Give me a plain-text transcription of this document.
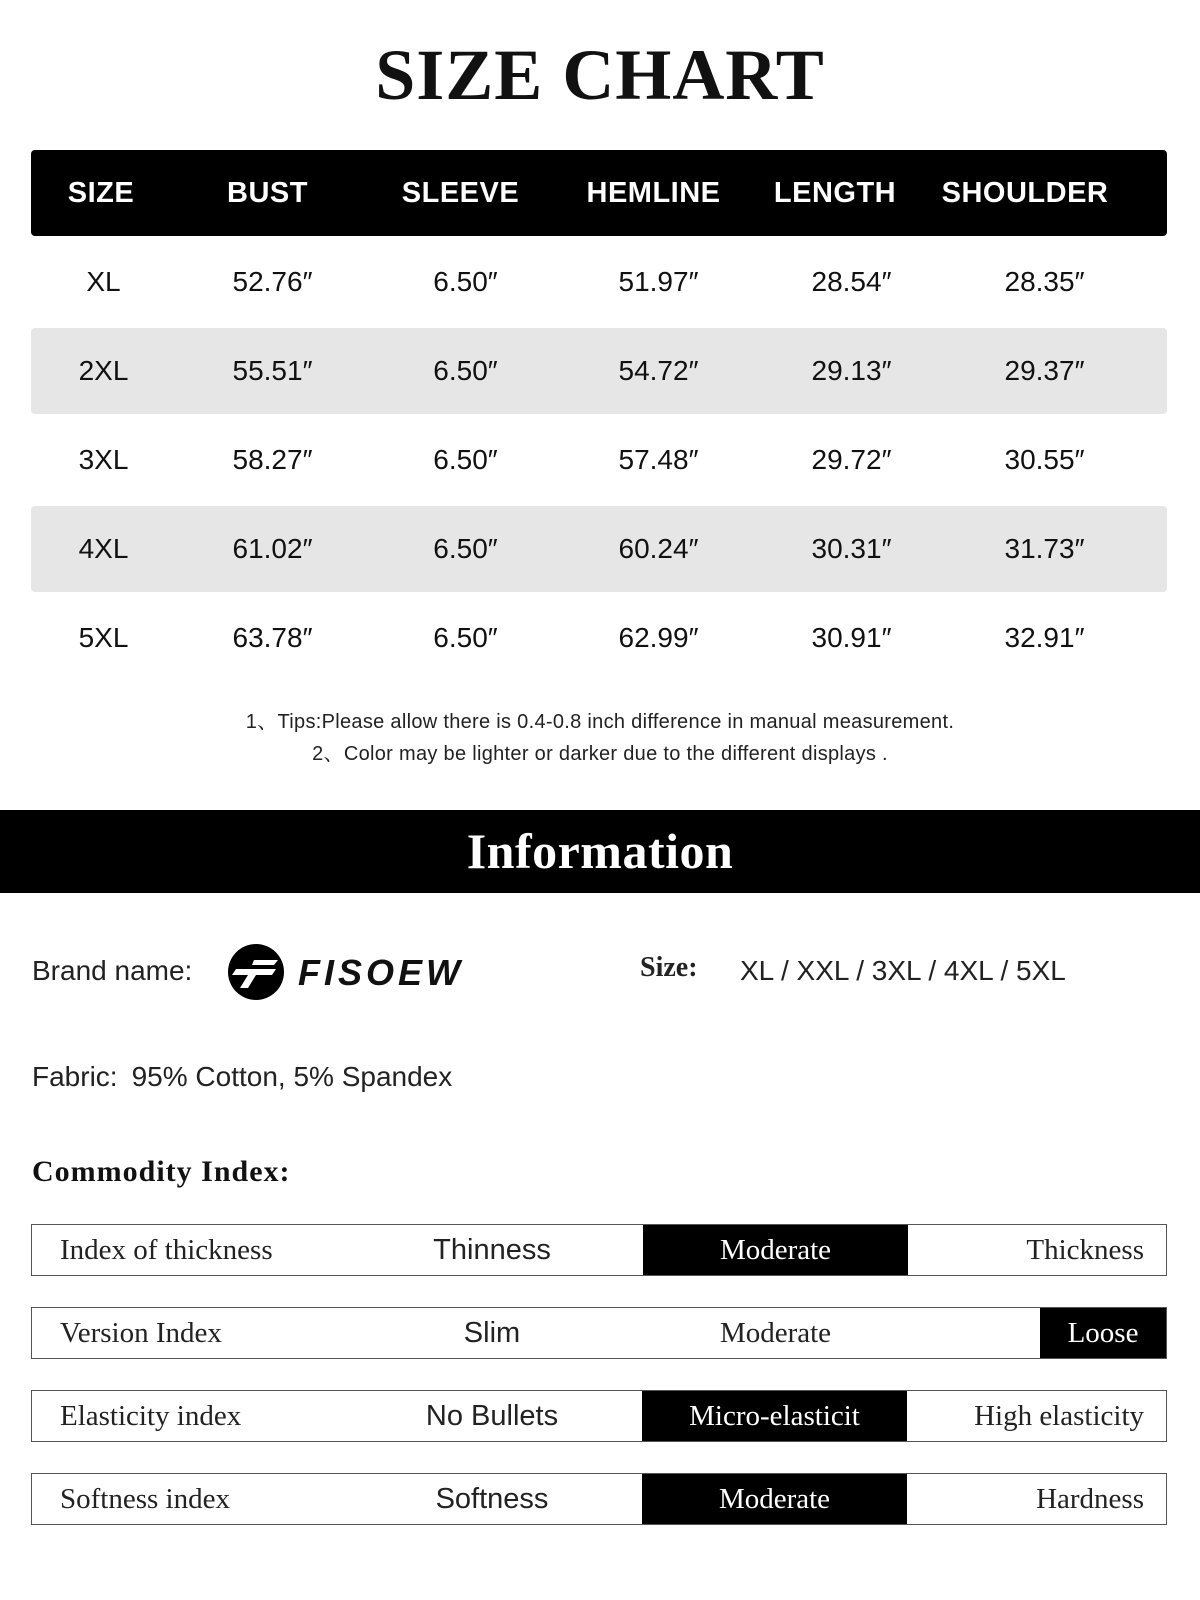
SIZE CHART
SIZE	BUST	SLEEVE	HEMLINE	LENGTH	SHOULDER
XL	52.76″	6.50″	51.97″	28.54″	28.35″
2XL	55.51″	6.50″	54.72″	29.13″	29.37″
3XL	58.27″	6.50″	57.48″	29.72″	30.55″
4XL	61.02″	6.50″	60.24″	30.31″	31.73″
5XL	63.78″	6.50″	62.99″	30.91″	32.91″
1、Tips:Please allow there is 0.4-0.8 inch difference in manual measurement.
2、Color may be lighter or darker due to the different displays .
Information
Brand name:	FISOEW	Size: XL / XXL / 3XL / 4XL / 5XL
Fabric: 95% Cotton, 5% Spandex
Commodity Index:
Index of thickness	Thinness	Moderate	Thickness
Version Index	Slim	Moderate	Loose
Elasticity index	No Bullets	Micro-elasticit	High elasticity
Softness index	Softness	Moderate	Hardness
